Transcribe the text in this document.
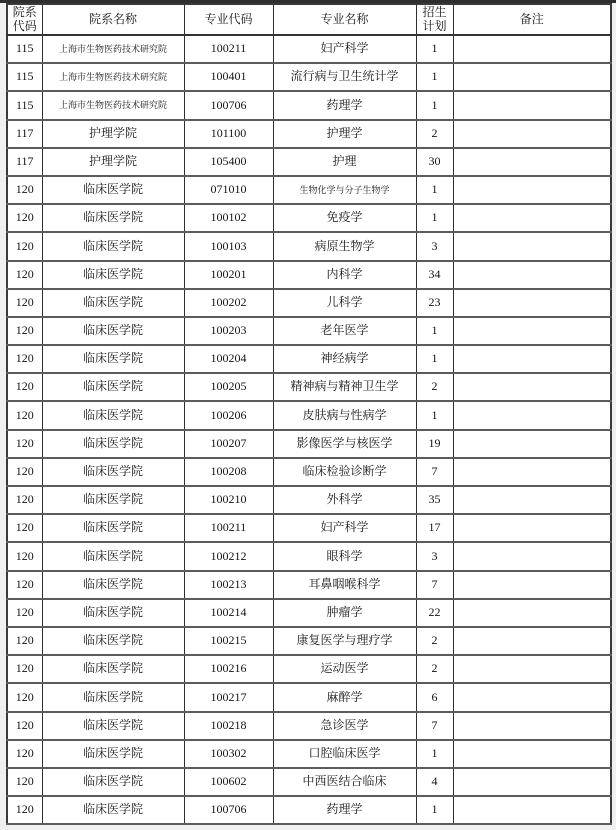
院系代码	院系名称	专业代码	专业名称	招生计划	备注
115	上海市生物医药技术研究院	100211	妇产科学	1	
115	上海市生物医药技术研究院	100401	流行病与卫生统计学	1	
115	上海市生物医药技术研究院	100706	药理学	1	
117	护理学院	101100	护理学	2	
117	护理学院	105400	护理	30	
120	临床医学院	071010	生物化学与分子生物学	1	
120	临床医学院	100102	免疫学	1	
120	临床医学院	100103	病原生物学	3	
120	临床医学院	100201	内科学	34	
120	临床医学院	100202	儿科学	23	
120	临床医学院	100203	老年医学	1	
120	临床医学院	100204	神经病学	1	
120	临床医学院	100205	精神病与精神卫生学	2	
120	临床医学院	100206	皮肤病与性病学	1	
120	临床医学院	100207	影像医学与核医学	19	
120	临床医学院	100208	临床检验诊断学	7	
120	临床医学院	100210	外科学	35	
120	临床医学院	100211	妇产科学	17	
120	临床医学院	100212	眼科学	3	
120	临床医学院	100213	耳鼻咽喉科学	7	
120	临床医学院	100214	肿瘤学	22	
120	临床医学院	100215	康复医学与理疗学	2	
120	临床医学院	100216	运动医学	2	
120	临床医学院	100217	麻醉学	6	
120	临床医学院	100218	急诊医学	7	
120	临床医学院	100302	口腔临床医学	1	
120	临床医学院	100602	中西医结合临床	4	
120	临床医学院	100706	药理学	1	
